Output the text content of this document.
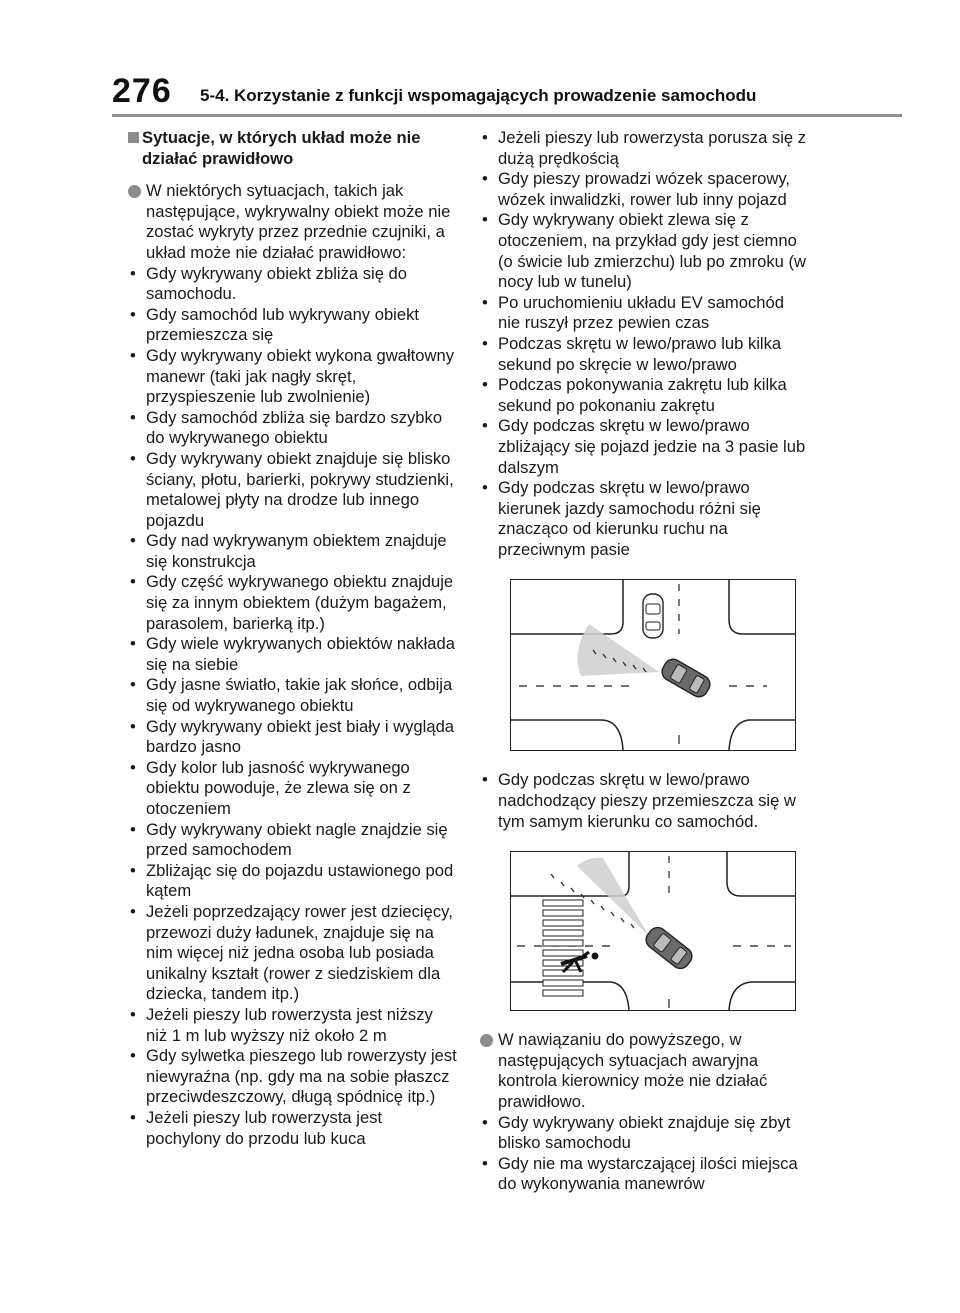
276 5-4. Korzystanie z funkcji wspomagających prowadzenie samochodu
Sytuacje, w których układ może nie działać prawidłowo

W niektórych sytuacjach, takich jak następujące, wykrywalny obiekt może nie zostać wykryty przez przednie czujniki, a układ może nie działać prawidłowo:

• Gdy wykrywany obiekt zbliża się do samochodu.
• Gdy samochód lub wykrywany obiekt przemieszcza się
• Gdy wykrywany obiekt wykona gwałtowny manewr (taki jak nagły skręt, przyspieszenie lub zwolnienie)
• Gdy samochód zbliża się bardzo szybko do wykrywanego obiektu
• Gdy wykrywany obiekt znajduje się blisko ściany, płotu, barierki, pokrywy studzienki, metalowej płyty na drodze lub innego pojazdu
• Gdy nad wykrywanym obiektem znajduje się konstrukcja
• Gdy część wykrywanego obiektu znajduje się za innym obiektem (dużym bagażem, parasolem, barierką itp.)
• Gdy wiele wykrywanych obiektów nakłada się na siebie
• Gdy jasne światło, takie jak słońce, odbija się od wykrywanego obiektu
• Gdy wykrywany obiekt jest biały i wygląda bardzo jasno
• Gdy kolor lub jasność wykrywanego obiektu powoduje, że zlewa się on z otoczeniem
• Gdy wykrywany obiekt nagle znajdzie się przed samochodem
• Zbliżając się do pojazdu ustawionego pod kątem
• Jeżeli poprzedzający rower jest dziecięcy, przewozi duży ładunek, znajduje się na nim więcej niż jedna osoba lub posiada unikalny kształt (rower z siedziskiem dla dziecka, tandem itp.)
• Jeżeli pieszy lub rowerzysta jest niższy niż 1 m lub wyższy niż około 2 m
• Gdy sylwetka pieszego lub rowerzysty jest niewyraźna (np. gdy ma na sobie płaszcz przeciwdeszczowy, długą spódnicę itp.)
• Jeżeli pieszy lub rowerzysta jest pochylony do przodu lub kuca
• Jeżeli pieszy lub rowerzysta porusza się z dużą prędkością
• Gdy pieszy prowadzi wózek spacerowy, wózek inwalidzki, rower lub inny pojazd
• Gdy wykrywany obiekt zlewa się z otoczeniem, na przykład gdy jest ciemno (o świcie lub zmierzchu) lub po zmroku (w nocy lub w tunelu)
• Po uruchomieniu układu EV samochód nie ruszył przez pewien czas
• Podczas skrętu w lewo/prawo lub kilka sekund po skręcie w lewo/prawo
• Podczas pokonywania zakrętu lub kilka sekund po pokonaniu zakrętu
• Gdy podczas skrętu w lewo/prawo zbliżający się pojazd jedzie na 3 pasie lub dalszym
• Gdy podczas skrętu w lewo/prawo kierunek jazdy samochodu różni się znacząco od kierunku ruchu na przeciwnym pasie
• Gdy podczas skrętu w lewo/prawo nadchodzący pieszy przemieszcza się w tym samym kierunku co samochód.

W nawiązaniu do powyższego, w następujących sytuacjach awaryjna kontrola kierownicy może nie działać prawidłowo.

• Gdy wykrywany obiekt znajduje się zbyt blisko samochodu
• Gdy nie ma wystarczającej ilości miejsca do wykonywania manewrów
